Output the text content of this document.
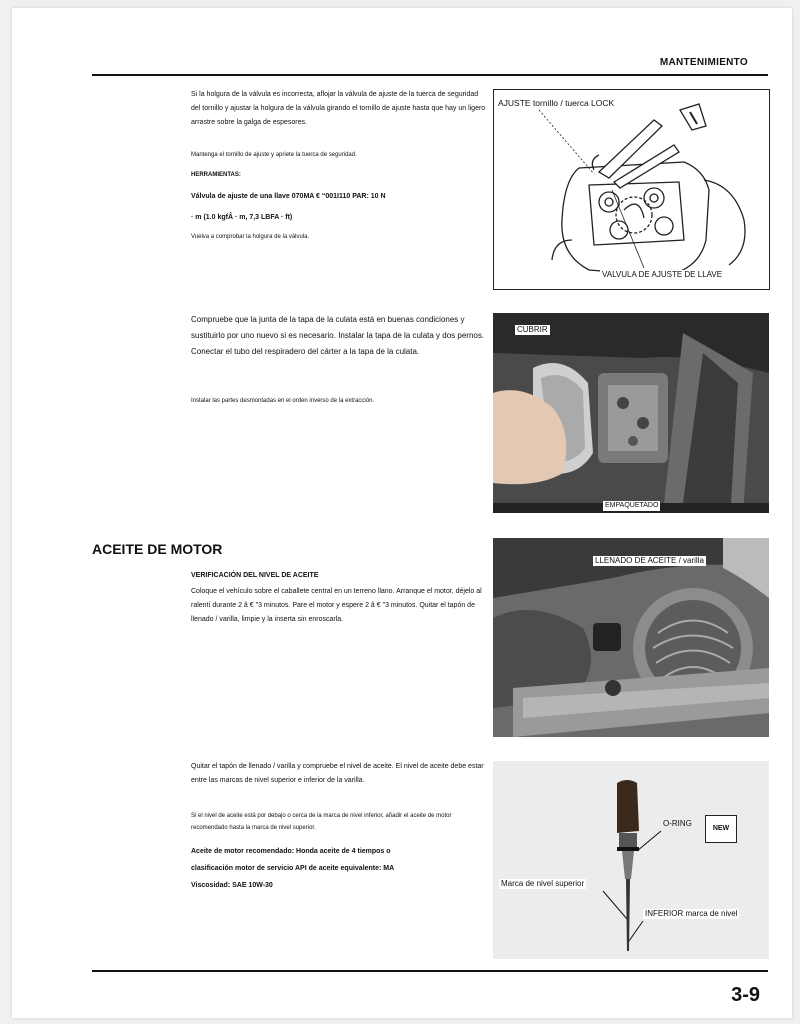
MANTENIMIENTO
Si la holgura de la válvula es incorrecta, aflojar la válvula de ajuste de la tuerca de seguridad del tornillo y ajustar la holgura de la válvula girando el tornillo de ajuste hasta que hay un ligero arrastre sobre la galga de espesores.
Mantenga el tornillo de ajuste y apriete la tuerca de seguridad.
HERRAMIENTAS:
Válvula de ajuste de una llave 070MA € “001I110 PAR: 10 N
· m (1.0 kgfÂ · m, 7,3 LBFA · ft)
Vuelva a comprobar la holgura de la válvula.
AJUSTE tornillo / tuerca LOCK
VALVULA DE AJUSTE DE LLAVE
Compruebe que la junta de la tapa de la culata está en buenas condiciones y sustituirlo por uno nuevo si es necesario. Instalar la tapa de la culata y dos pernos. Conectar el tubo del respiradero del cárter a la tapa de la culata.
Instalar las partes desmontadas en el orden inverso de la extracción.
CUBRIR
EMPAQUETADO
ACEITE DE MOTOR
VERIFICACIÓN DEL NIVEL DE ACEITE
Coloque el vehículo sobre el caballete central en un terreno llano. Arranque el motor, déjelo al ralentí durante 2 â € "3 minutos. Pare el motor y espere 2 â € "3 minutos. Quitar el tapón de llenado / varilla, limpie y la inserta sin enroscarla.
LLENADO DE ACEITE / varilla
Quitar el tapón de llenado / varilla y compruebe el nivel de aceite. El nivel de aceite debe estar entre las marcas de nivel superior e inferior de la varilla.
Si el nivel de aceite está por debajo o cerca de la marca de nivel inferior, añadir el aceite de motor recomendado hasta la marca de nivel superior.
Aceite de motor recomendado: Honda aceite de 4 tiempos o
clasificación motor de servicio API de aceite equivalente: MA
Viscosidad: SAE 10W-30
O-RING
NEW
Marca de nivel superior
INFERIOR marca de nivel
3-9
